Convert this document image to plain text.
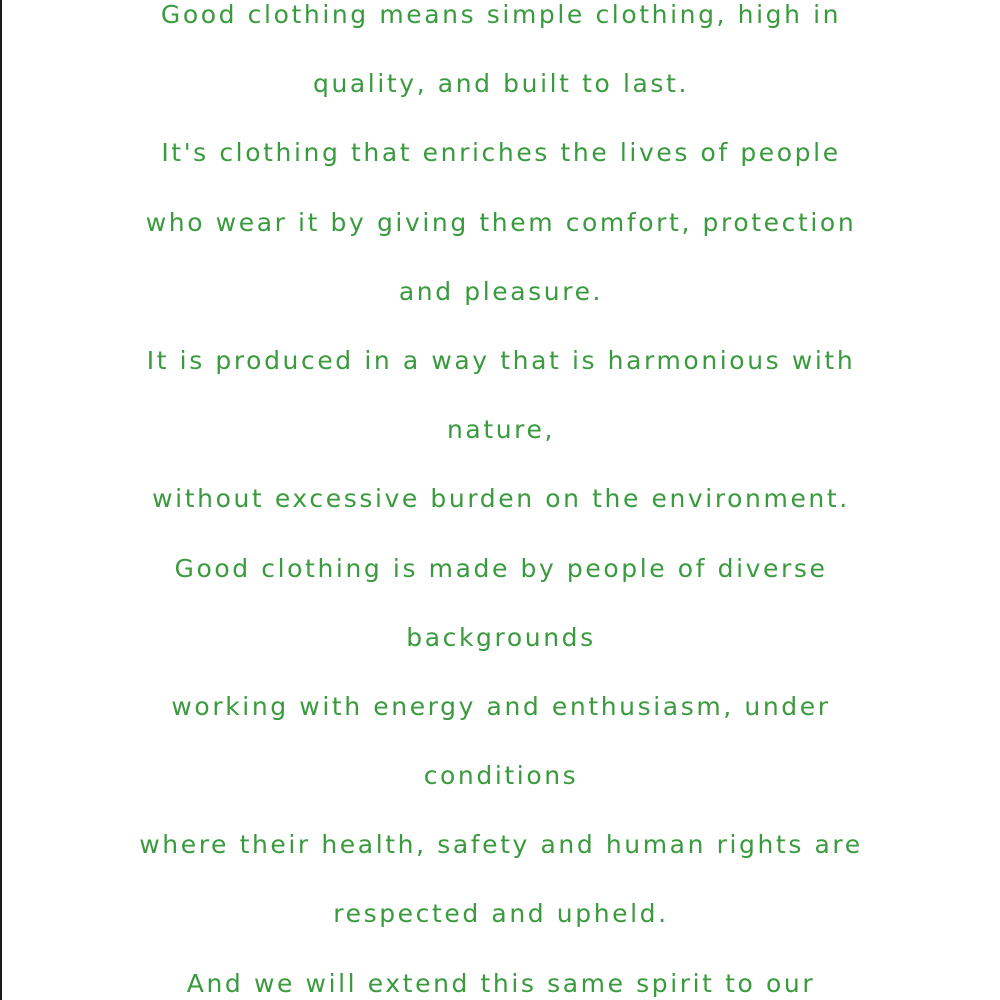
Good clothing means simple clothing, high in
quality, and built to last.
It's clothing that enriches the lives of people
who wear it by giving them comfort, protection
and pleasure.
It is produced in a way that is harmonious with
nature,
without excessive burden on the environment.
Good clothing is made by people of diverse
backgrounds
working with energy and enthusiasm, under
conditions
where their health, safety and human rights are
respected and upheld.
And we will extend this same spirit to our
